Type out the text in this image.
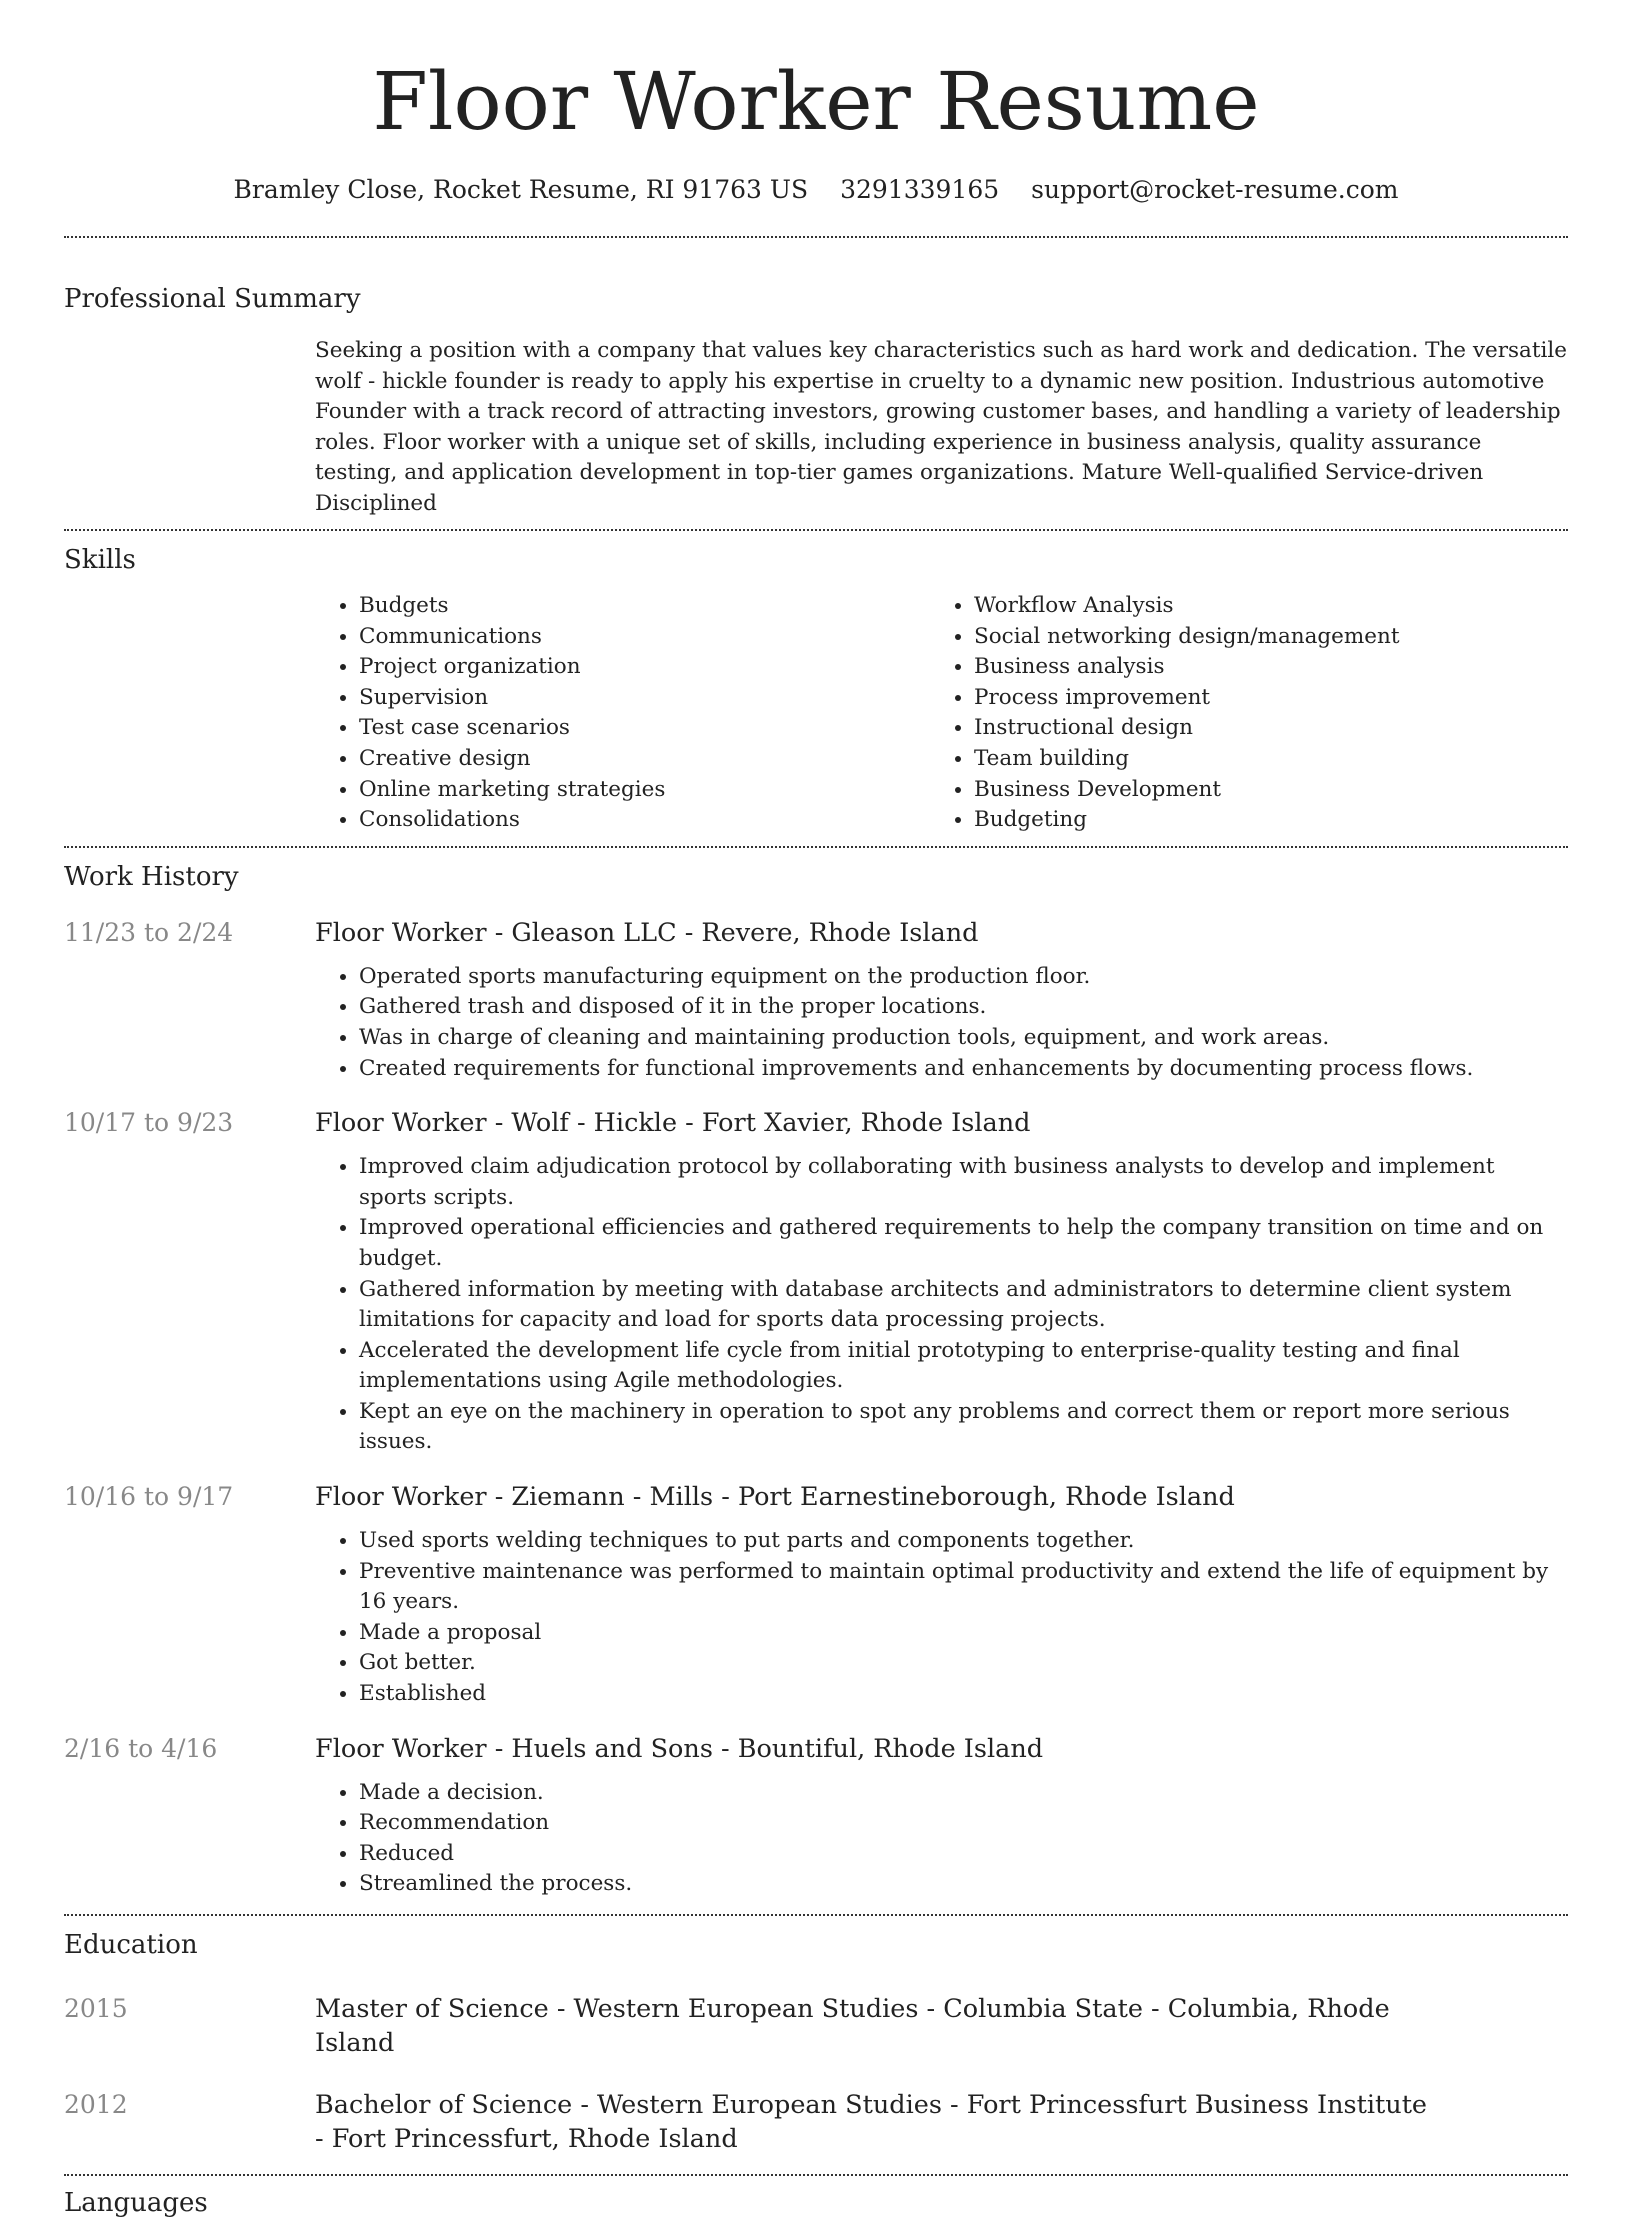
Floor Worker Resume
Bramley Close, Rocket Resume, RI 91763 US 3291339165 support@rocket-resume.com
Professional Summary
Seeking a position with a company that values key characteristics such as hard work and dedication. The versatile wolf - hickle founder is ready to apply his expertise in cruelty to a dynamic new position. Industrious automotive Founder with a track record of attracting investors, growing customer bases, and handling a variety of leadership roles. Floor worker with a unique set of skills, including experience in business analysis, quality assurance testing, and application development in top-tier games organizations. Mature Well-qualified Service-driven Disciplined
Skills
• Budgets
• Communications
• Project organization
• Supervision
• Test case scenarios
• Creative design
• Online marketing strategies
• Consolidations
• Workflow Analysis
• Social networking design/management
• Business analysis
• Process improvement
• Instructional design
• Team building
• Business Development
• Budgeting
Work History
11/23 to 2/24	Floor Worker - Gleason LLC - Revere, Rhode Island
• Operated sports manufacturing equipment on the production floor.
• Gathered trash and disposed of it in the proper locations.
• Was in charge of cleaning and maintaining production tools, equipment, and work areas.
• Created requirements for functional improvements and enhancements by documenting process flows.
10/17 to 9/23	Floor Worker - Wolf - Hickle - Fort Xavier, Rhode Island
• Improved claim adjudication protocol by collaborating with business analysts to develop and implement sports scripts.
• Improved operational efficiencies and gathered requirements to help the company transition on time and on budget.
• Gathered information by meeting with database architects and administrators to determine client system limitations for capacity and load for sports data processing projects.
• Accelerated the development life cycle from initial prototyping to enterprise-quality testing and final implementations using Agile methodologies.
• Kept an eye on the machinery in operation to spot any problems and correct them or report more serious issues.
10/16 to 9/17	Floor Worker - Ziemann - Mills - Port Earnestineborough, Rhode Island
• Used sports welding techniques to put parts and components together.
• Preventive maintenance was performed to maintain optimal productivity and extend the life of equipment by 16 years.
• Made a proposal
• Got better.
• Established
2/16 to 4/16	Floor Worker - Huels and Sons - Bountiful, Rhode Island
• Made a decision.
• Recommendation
• Reduced
• Streamlined the process.
Education
2015	Master of Science - Western European Studies - Columbia State - Columbia, Rhode Island
2012	Bachelor of Science - Western European Studies - Fort Princessfurt Business Institute - Fort Princessfurt, Rhode Island
Languages
